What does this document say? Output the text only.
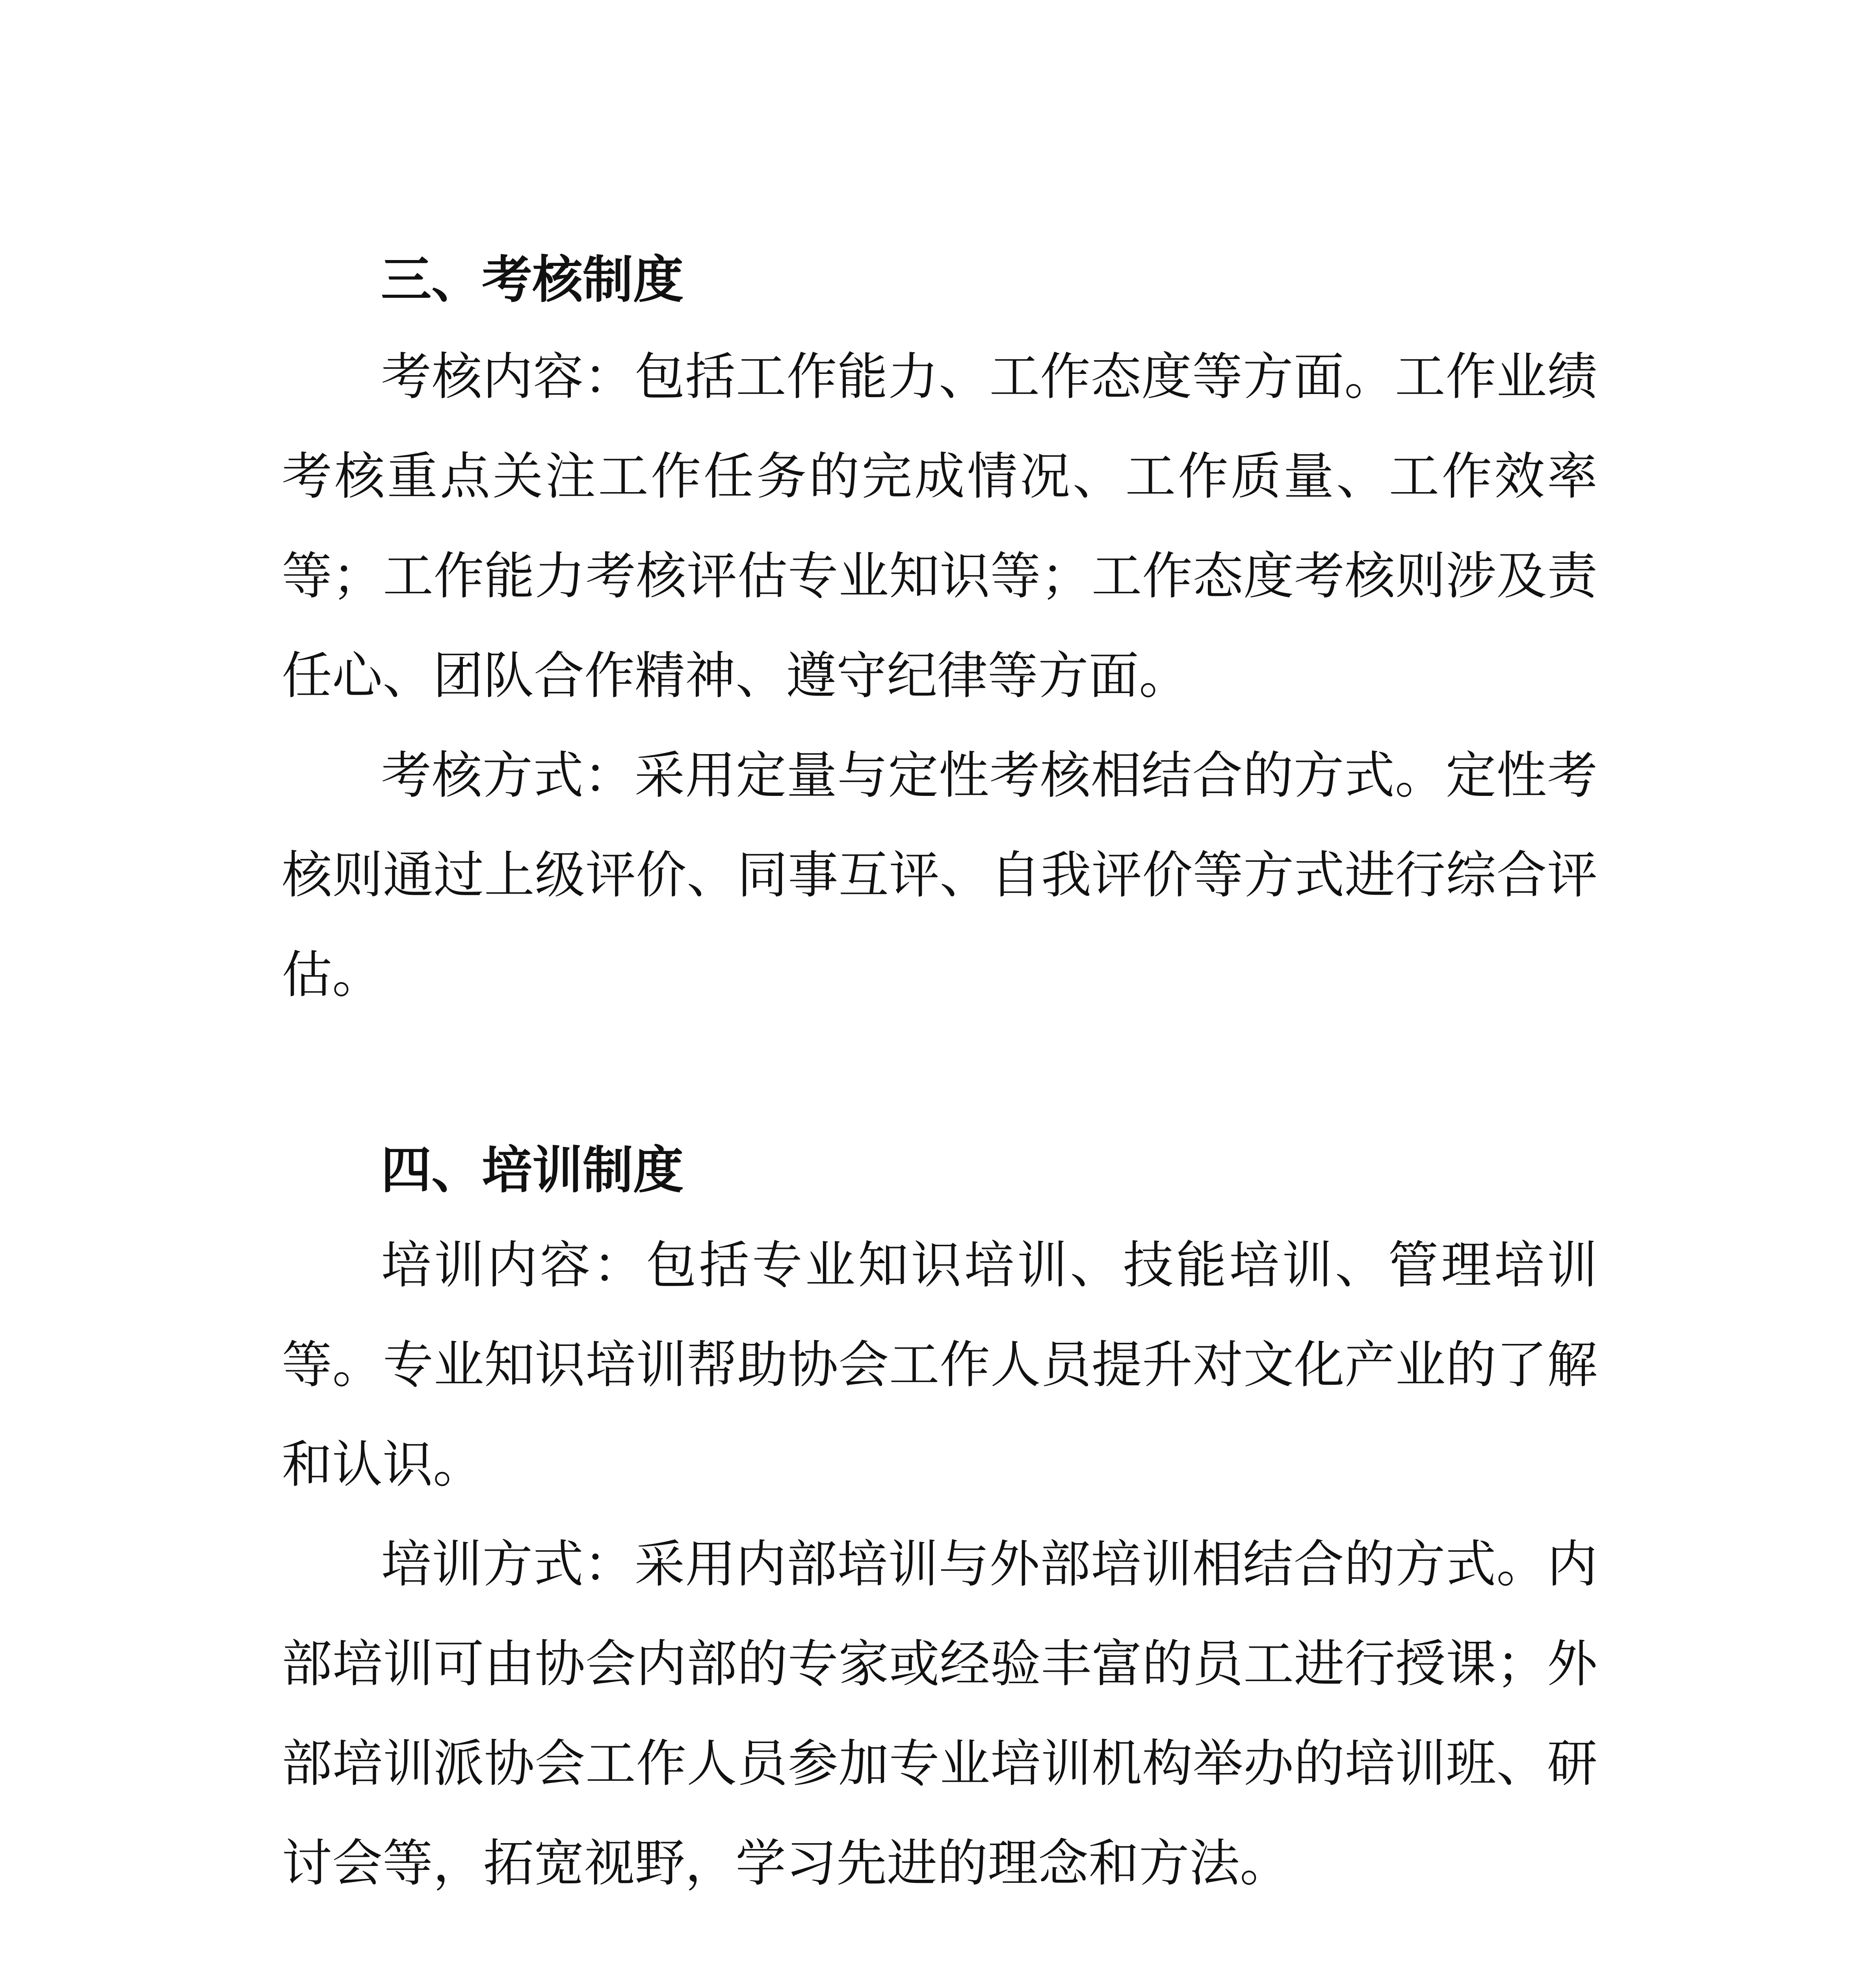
三、考核制度

考核内容：包括工作能力、工作态度等方面。工作业绩考核重点关注工作任务的完成情况、工作质量、工作效率等；工作能力考核评估专业知识等；工作态度考核则涉及责任心、团队合作精神、遵守纪律等方面。

考核方式：采用定量与定性考核相结合的方式。定性考核则通过上级评价、同事互评、自我评价等方式进行综合评估。

四、培训制度

培训内容：包括专业知识培训、技能培训、管理培训等。专业知识培训帮助协会工作人员提升对文化产业的了解和认识。

培训方式：采用内部培训与外部培训相结合的方式。内部培训可由协会内部的专家或经验丰富的员工进行授课；外部培训派协会工作人员参加专业培训机构举办的培训班、研讨会等，拓宽视野，学习先进的理念和方法。
